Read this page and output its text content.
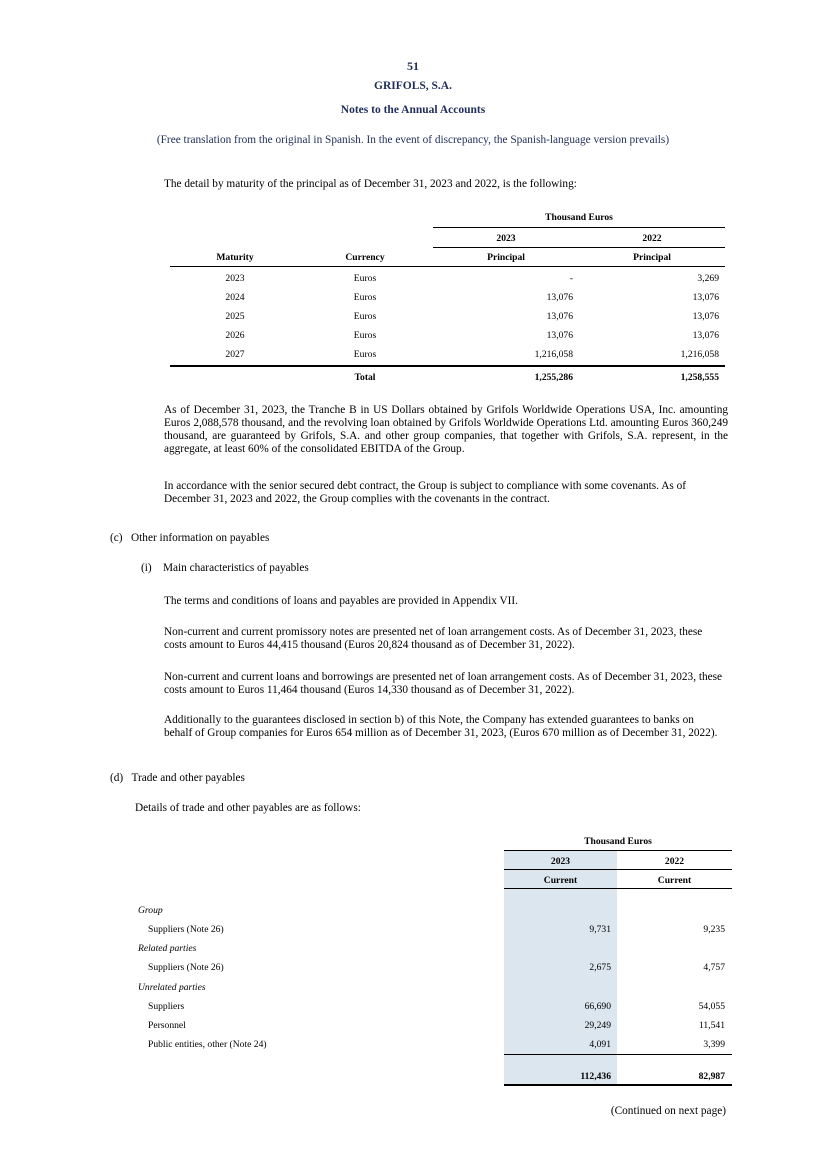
51
GRIFOLS, S.A.
Notes to the Annual Accounts
(Free translation from the original in Spanish. In the event of discrepancy, the Spanish-language version prevails)
The detail by maturity of the principal as of December 31, 2023 and 2022, is the following:
Thousand Euros
2023	2022
Maturity	Currency	Principal	Principal
2023	Euros	-	3,269
2024	Euros	13,076	13,076
2025	Euros	13,076	13,076
2026	Euros	13,076	13,076
2027	Euros	1,216,058	1,216,058
Total	1,255,286	1,258,555
As of December 31, 2023, the Tranche B in US Dollars obtained by Grifols Worldwide Operations USA, Inc. amounting Euros 2,088,578 thousand, and the revolving loan obtained by Grifols Worldwide Operations Ltd. amounting Euros 360,249 thousand, are guaranteed by Grifols, S.A. and other group companies, that together with Grifols, S.A. represent, in the aggregate, at least 60% of the consolidated EBITDA of the Group.
In accordance with the senior secured debt contract, the Group is subject to compliance with some covenants. As of December 31, 2023 and 2022, the Group complies with the covenants in the contract.
(c)   Other information on payables
(i)    Main characteristics of payables
The terms and conditions of loans and payables are provided in Appendix VII.
Non-current and current promissory notes are presented net of loan arrangement costs. As of December 31, 2023, these costs amount to Euros 44,415 thousand (Euros 20,824 thousand as of December 31, 2022).
Non-current and current loans and borrowings are presented net of loan arrangement costs. As of December 31, 2023, these costs amount to Euros 11,464 thousand (Euros 14,330 thousand as of December 31, 2022).
Additionally to the guarantees disclosed in section b) of this Note, the Company has extended guarantees to banks on behalf of Group companies for Euros 654 million as of December 31, 2023, (Euros 670 million as of December 31, 2022).
(d)   Trade and other payables
Details of trade and other payables are as follows:
Thousand Euros
2023	2022
Current	Current
Group
Suppliers (Note 26)	9,731	9,235
Related parties
Suppliers (Note 26)	2,675	4,757
Unrelated parties
Suppliers	66,690	54,055
Personnel	29,249	11,541
Public entities, other (Note 24)	4,091	3,399
112,436	82,987
(Continued on next page)
